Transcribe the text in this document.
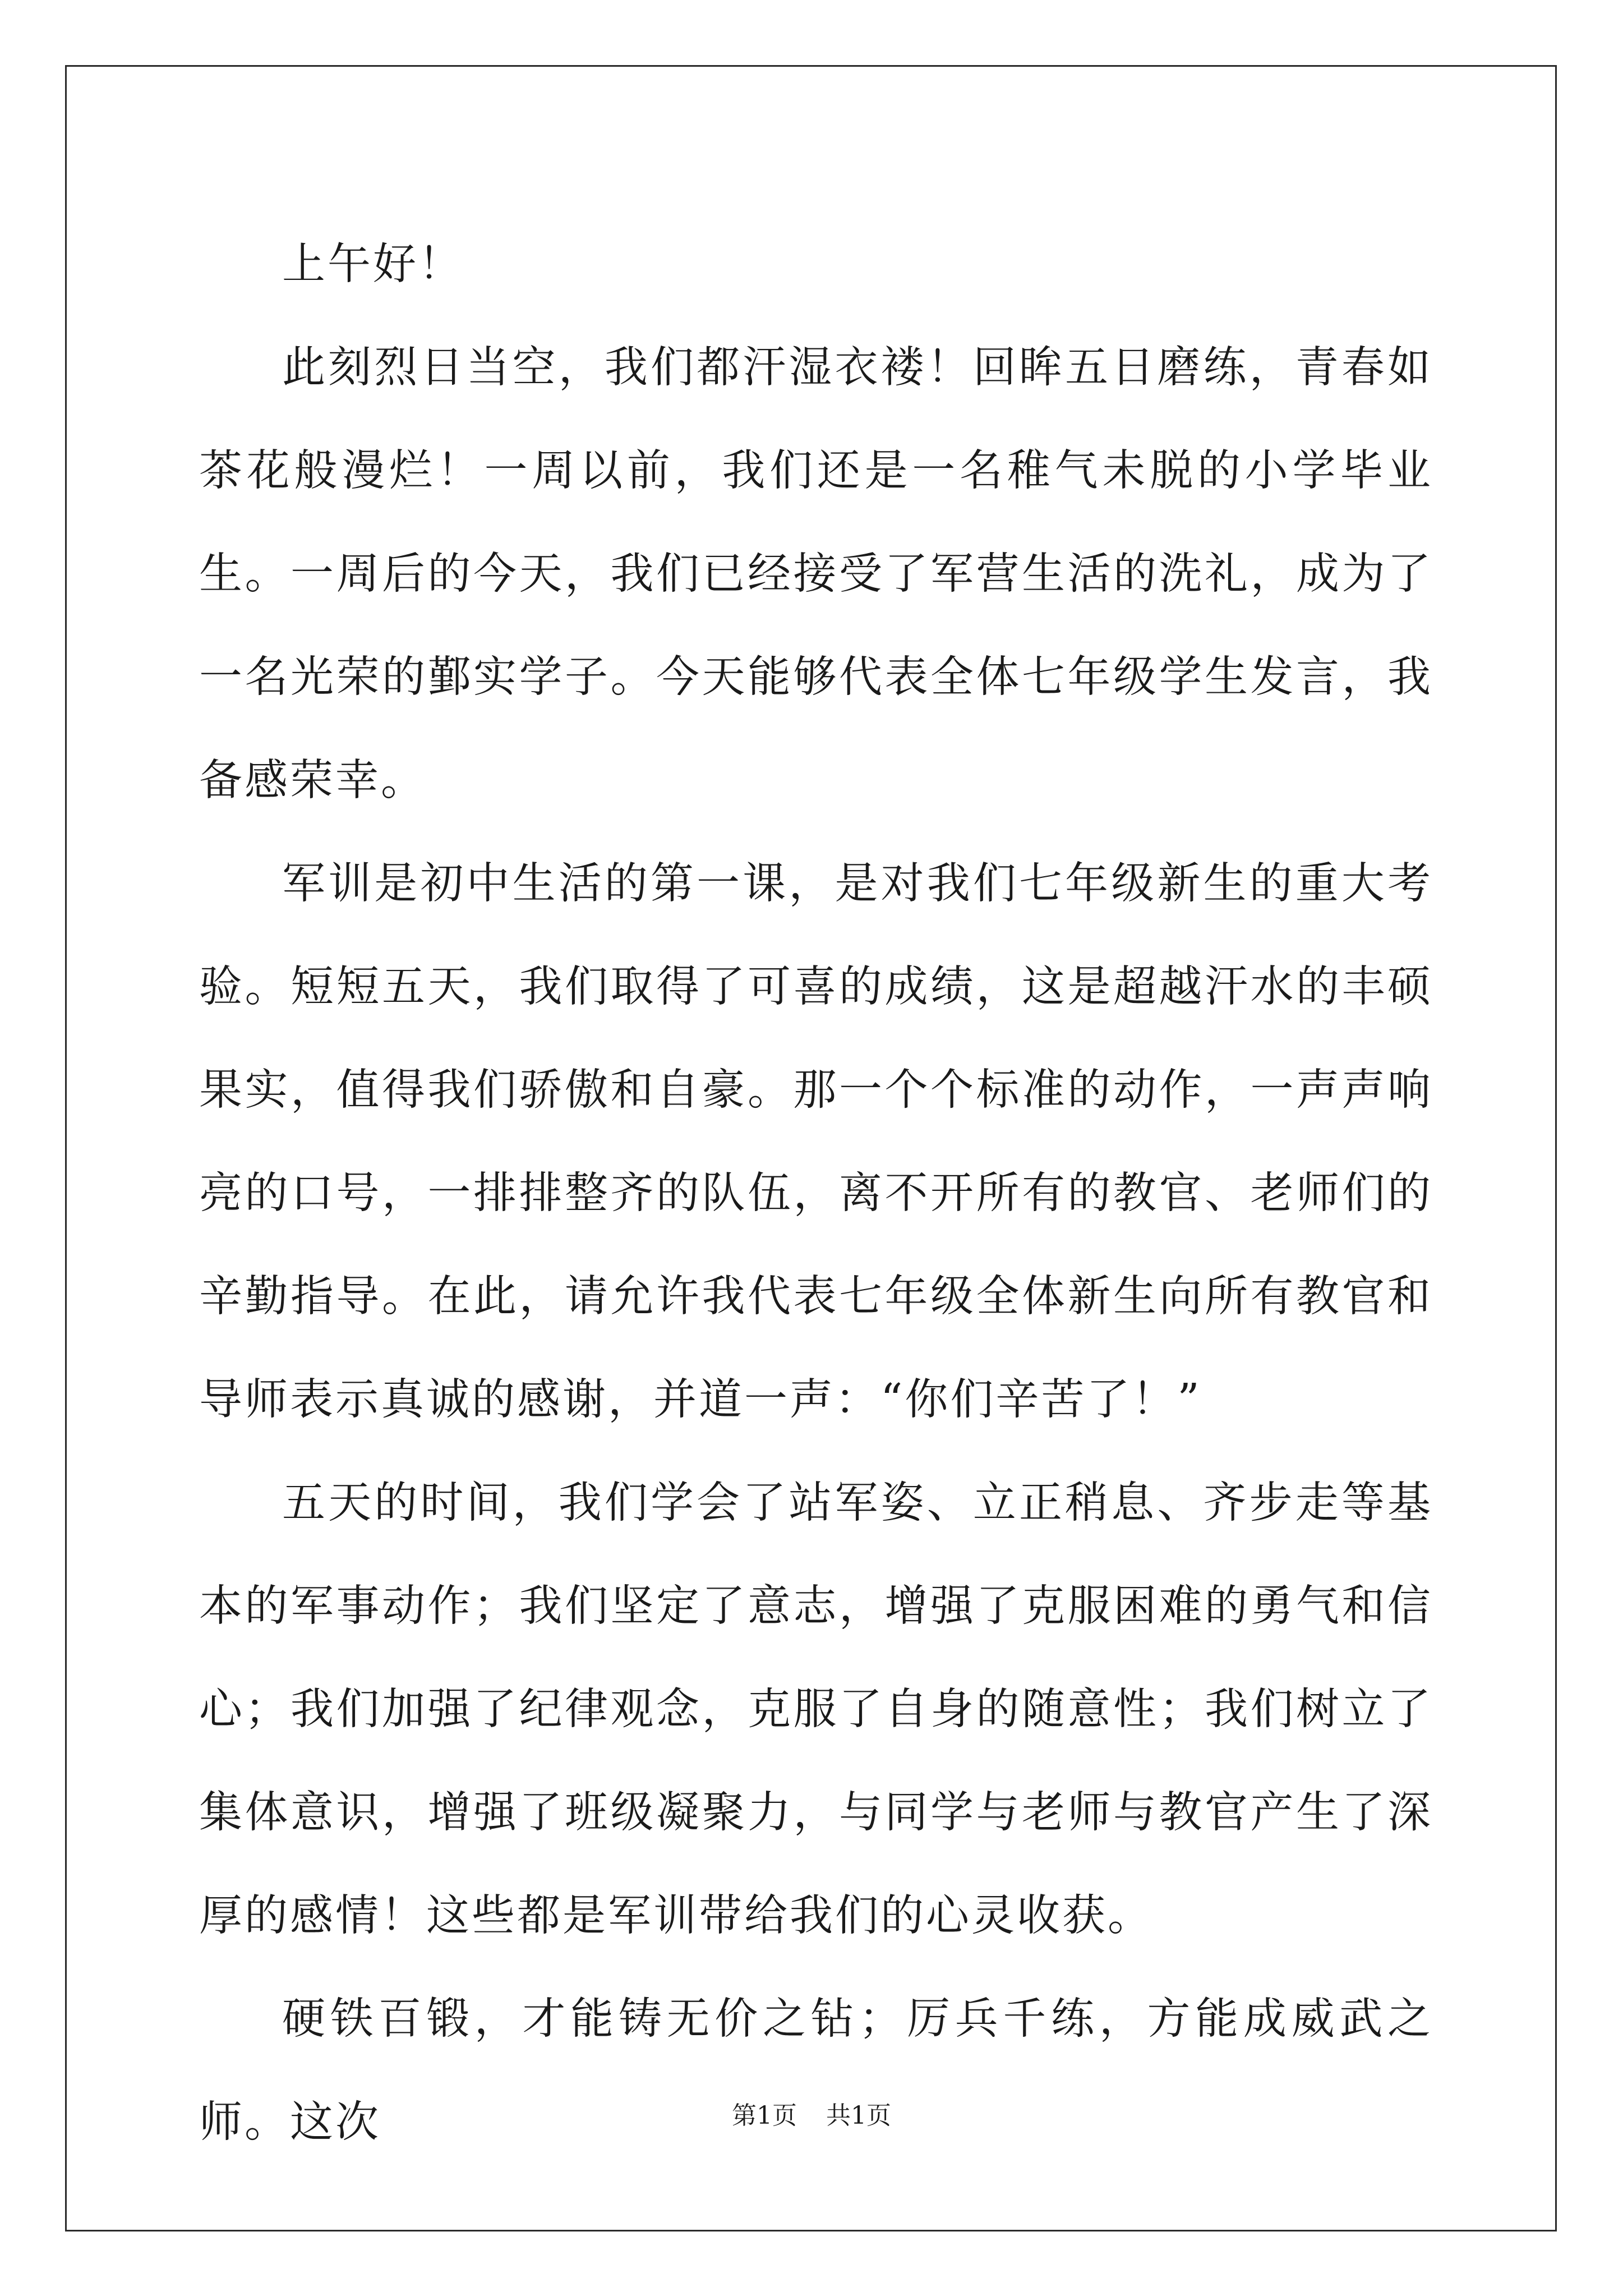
上午好！

此刻烈日当空，我们都汗湿衣褛！回眸五日磨练，青春如茶花般漫烂！一周以前，我们还是一名稚气未脱的小学毕业生。一周后的今天，我们已经接受了军营生活的洗礼，成为了一名光荣的鄞实学子。今天能够代表全体七年级学生发言，我备感荣幸。

军训是初中生活的第一课，是对我们七年级新生的重大考验。短短五天，我们取得了可喜的成绩，这是超越汗水的丰硕果实，值得我们骄傲和自豪。那一个个标准的动作，一声声响亮的口号，一排排整齐的队伍，离不开所有的教官、老师们的辛勤指导。在此，请允许我代表七年级全体新生向所有教官和导师表示真诚的感谢，并道一声：“你们辛苦了！”

五天的时间，我们学会了站军姿、立正稍息、齐步走等基本的军事动作；我们坚定了意志，增强了克服困难的勇气和信心；我们加强了纪律观念，克服了自身的随意性；我们树立了集体意识，增强了班级凝聚力，与同学与老师与教官产生了深厚的感情！这些都是军训带给我们的心灵收获。

硬铁百锻，才能铸无价之钻；厉兵千练，方能成威武之师。这次	第1页 共1页
